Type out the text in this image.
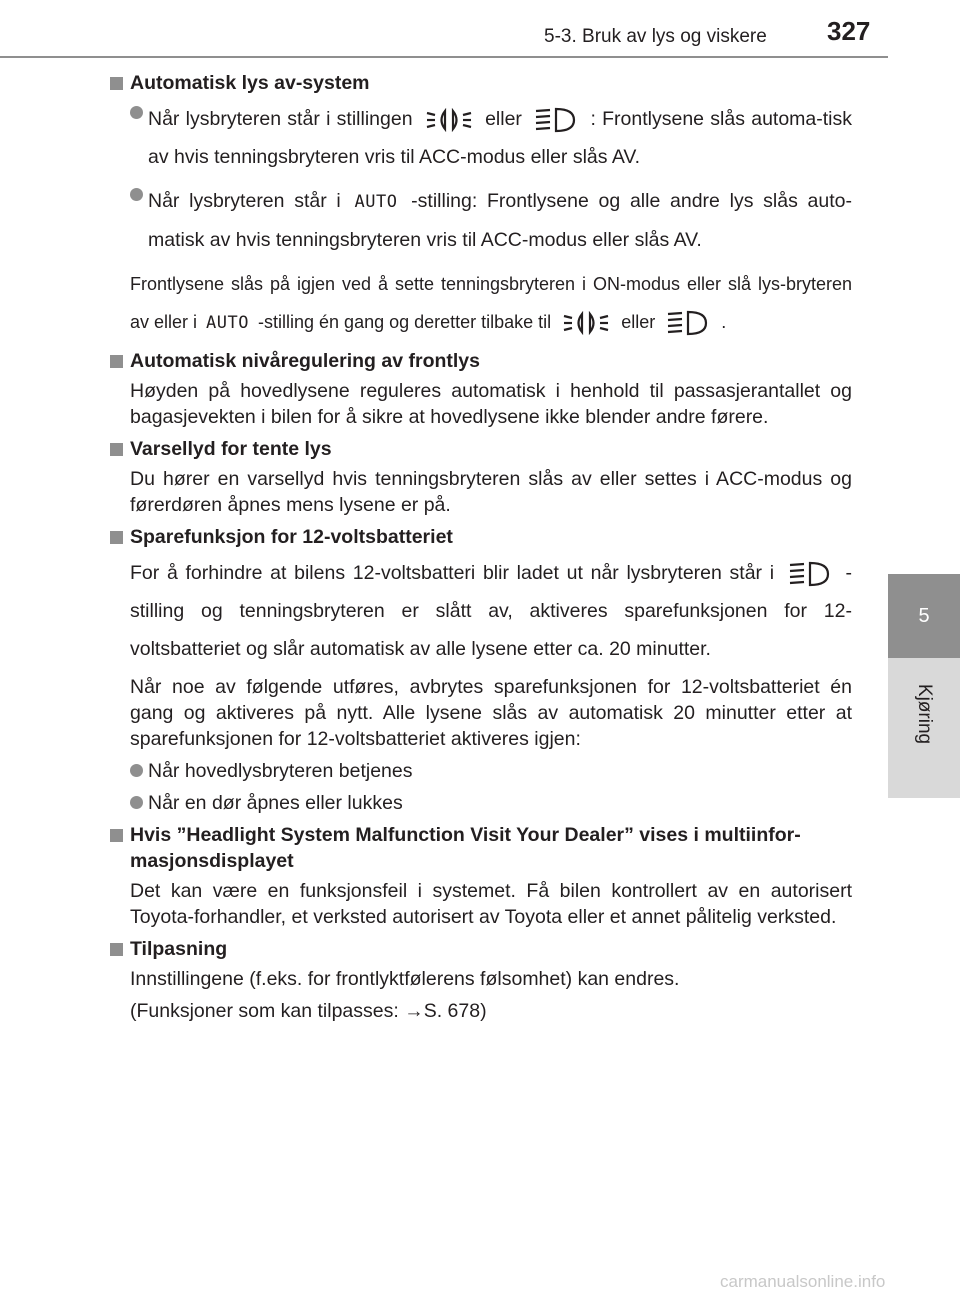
5-3. Bruk av lys og viskere	327
5
Kjøring
Automatisk lys av-system
Når lysbryteren står i stillingen	eller	: Frontlysene slås automa-tisk av hvis tenningsbryteren vris til ACC-modus eller slås AV.
Når lysbryteren står i AUTO -stilling: Frontlysene og alle andre lys slås auto-matisk av hvis tenningsbryteren vris til ACC-modus eller slås AV.
Frontlysene slås på igjen ved å sette tenningsbryteren i ON-modus eller slå lys-bryteren av eller i AUTO -stilling én gang og deretter tilbake til	eller	.
Automatisk nivåregulering av frontlys
Høyden på hovedlysene reguleres automatisk i henhold til passasjerantallet og bagasjevekten i bilen for å sikre at hovedlysene ikke blender andre førere.
Varsellyd for tente lys
Du hører en varsellyd hvis tenningsbryteren slås av eller settes i ACC-modus og førerdøren åpnes mens lysene er på.
Sparefunksjon for 12-voltsbatteriet
For å forhindre at bilens 12-voltsbatteri blir ladet ut når lysbryteren står i	-stilling og tenningsbryteren er slått av, aktiveres sparefunksjonen for 12-voltsbatteriet og slår automatisk av alle lysene etter ca. 20 minutter.
Når noe av følgende utføres, avbrytes sparefunksjonen for 12-voltsbatteriet én gang og aktiveres på nytt. Alle lysene slås av automatisk 20 minutter etter at sparefunksjonen for 12-voltsbatteriet aktiveres igjen:
Når hovedlysbryteren betjenes
Når en dør åpnes eller lukkes
Hvis ”Headlight System Malfunction Visit Your Dealer” vises i multiinfor-masjonsdisplayet
Det kan være en funksjonsfeil i systemet. Få bilen kontrollert av en autorisert Toyota-forhandler, et verksted autorisert av Toyota eller et annet pålitelig verksted.
Tilpasning
Innstillingene (f.eks. for frontlyktfølerens følsomhet) kan endres.
(Funksjoner som kan tilpasses: →S. 678)
carmanualsonline.info
